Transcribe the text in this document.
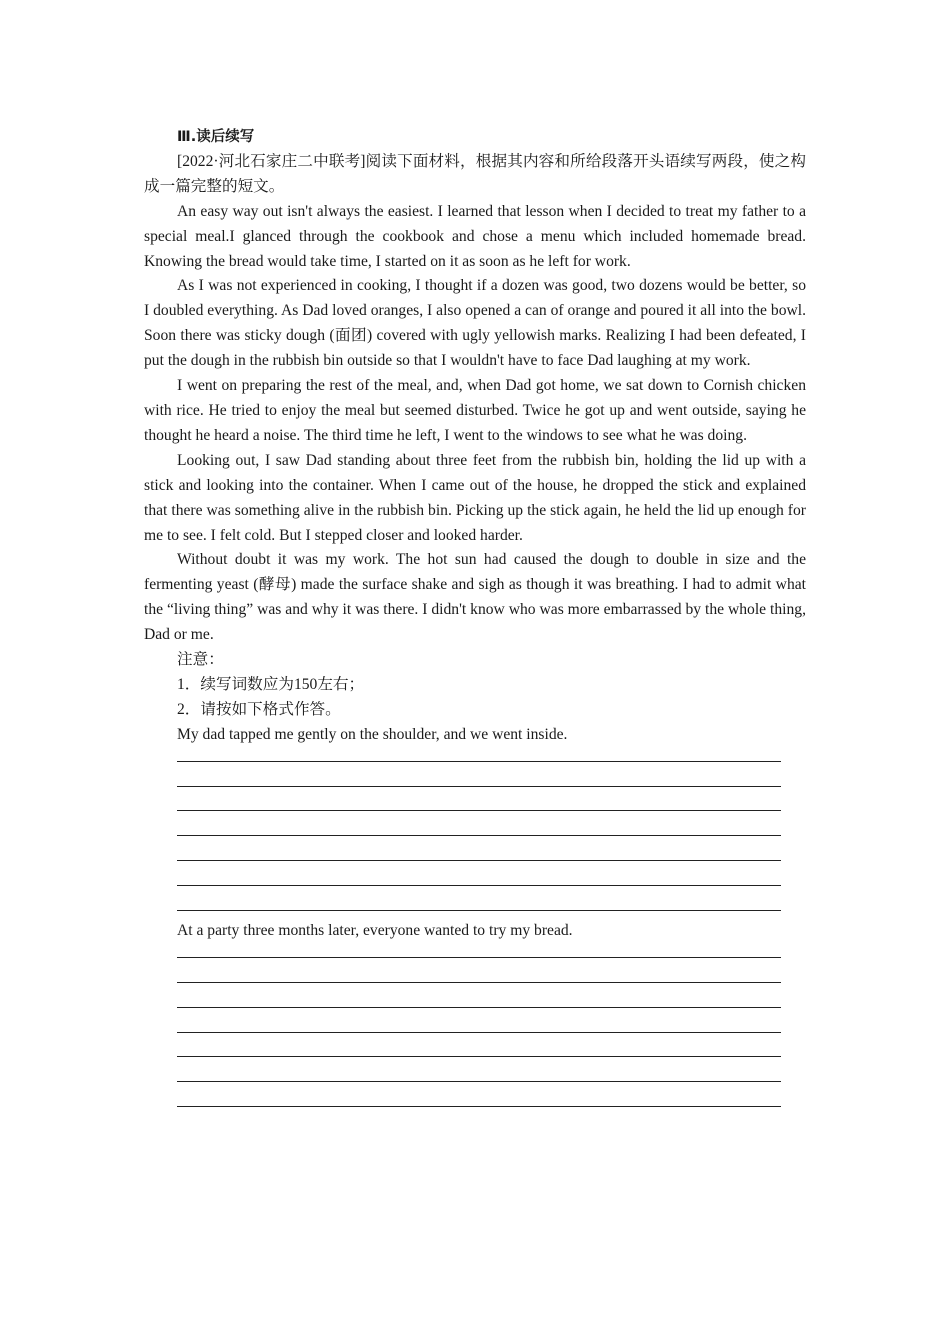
Ⅲ.读后续写

[2022·河北石家庄二中联考]阅读下面材料，根据其内容和所给段落开头语续写两段，使之构成一篇完整的短文。

An easy way out isn't always the easiest. I learned that lesson when I decided to treat my father to a special meal.I glanced through the cookbook and chose a menu which included homemade bread. Knowing the bread would take time, I started on it as soon as he left for work.

As I was not experienced in cooking, I thought if a dozen was good, two dozens would be better, so I doubled everything. As Dad loved oranges, I also opened a can of orange and poured it all into the bowl. Soon there was sticky dough (面团) covered with ugly yellowish marks. Realizing I had been defeated, I put the dough in the rubbish bin outside so that I wouldn't have to face Dad laughing at my work.

I went on preparing the rest of the meal, and, when Dad got home, we sat down to Cornish chicken with rice. He tried to enjoy the meal but seemed disturbed. Twice he got up and went outside, saying he thought he heard a noise. The third time he left, I went to the windows to see what he was doing.

Looking out, I saw Dad standing about three feet from the rubbish bin, holding the lid up with a stick and looking into the container. When I came out of the house, he dropped the stick and explained that there was something alive in the rubbish bin. Picking up the stick again, he held the lid up enough for me to see. I felt cold. But I stepped closer and looked harder.

Without doubt it was my work. The hot sun had caused the dough to double in size and the fermenting yeast (酵母) made the surface shake and sigh as though it was breathing. I had to admit what the “living thing” was and why it was there. I didn't know who was more embarrassed by the whole thing, Dad or me.

注意：

1．续写词数应为150左右；

2．请按如下格式作答。

My dad tapped me gently on the shoulder, and we went inside.

At a party three months later, everyone wanted to try my bread.
